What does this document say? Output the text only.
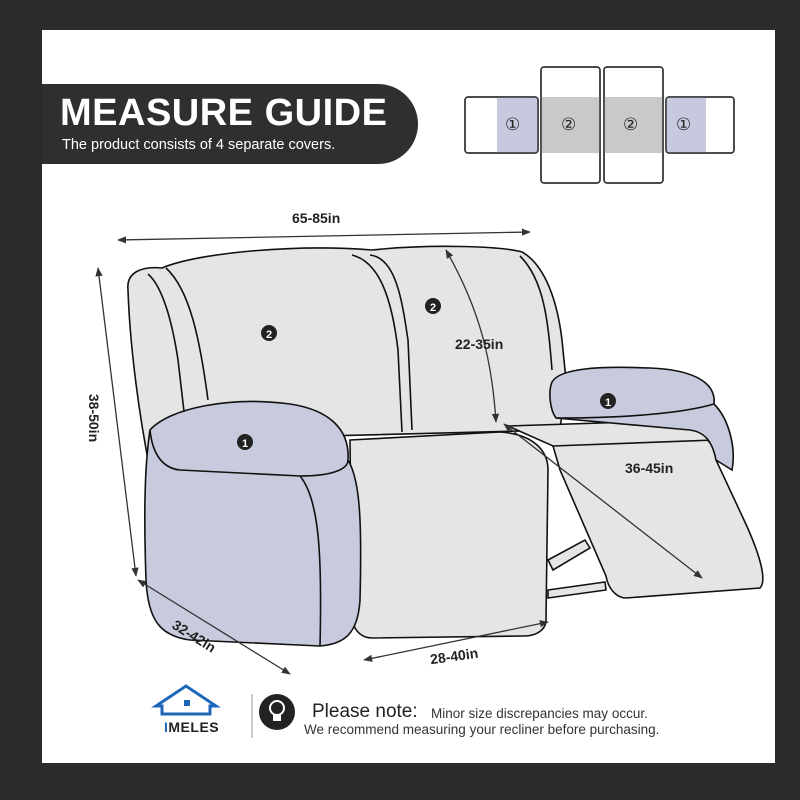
MEASURE GUIDE
The product consists of 4 separate covers.
2
2
1
1
65-85in
38-50in
32-42in
28-40in
22-35in
36-45in
① ②	② ①
IMELES
Please note: Minor size discrepancies may occur.
We recommend measuring your recliner before purchasing.
